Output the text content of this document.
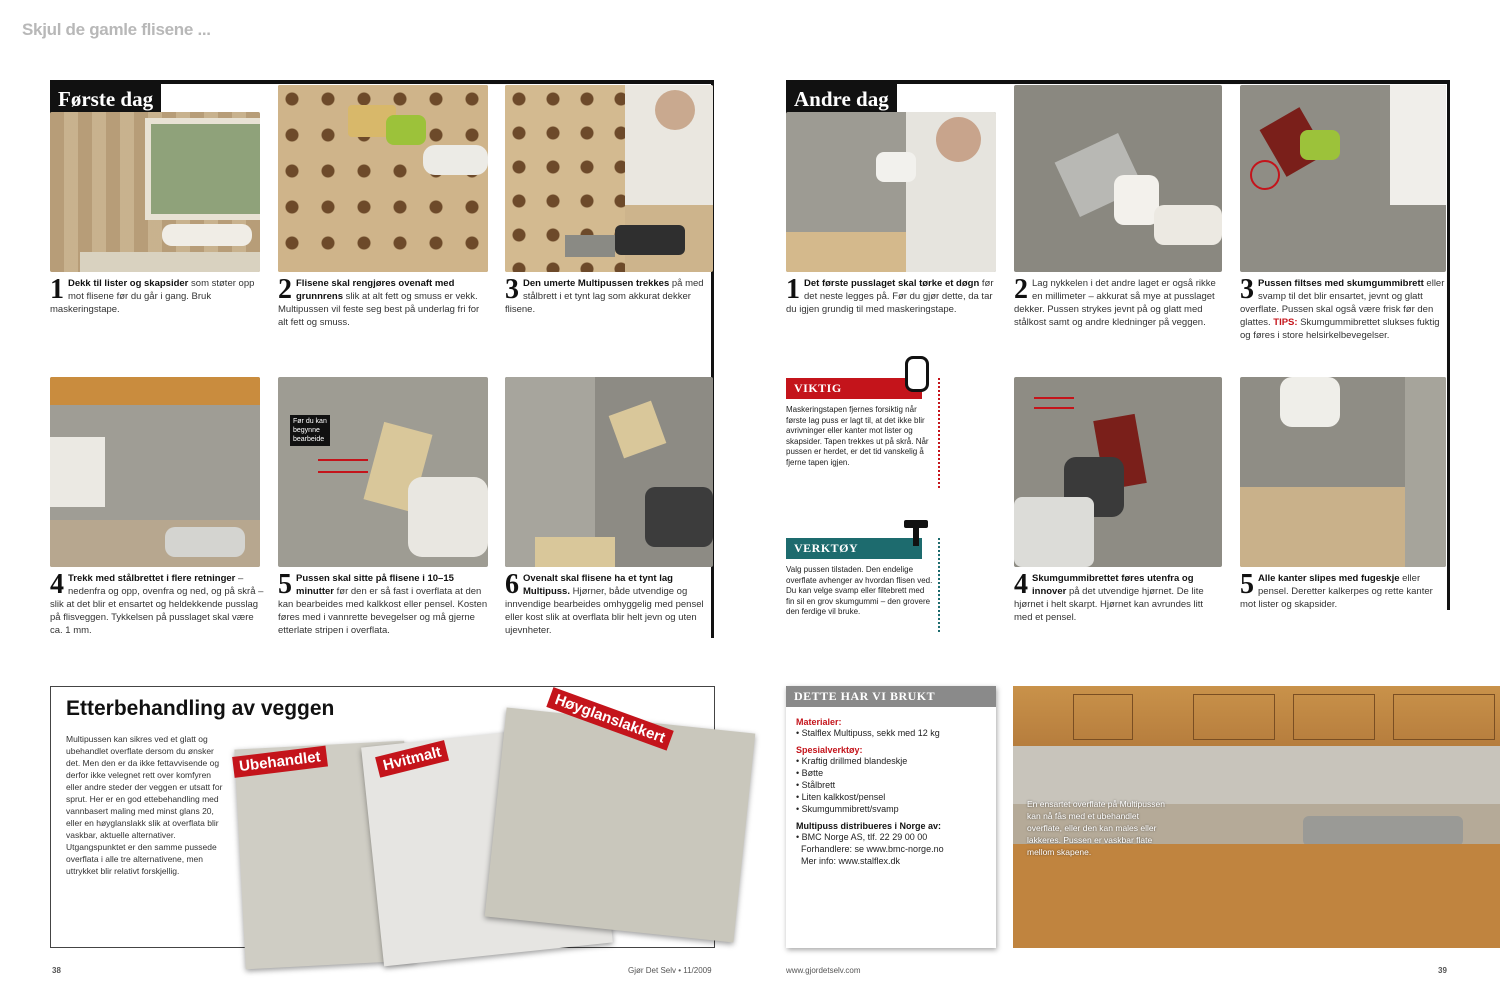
Skjul de gamle flisene ...
Første dag
1 Dekk til lister og skapsider som støter opp mot flisene før du går i gang. Bruk maskeringstape.
2 Flisene skal rengjøres ovenaft med grunnrens slik at alt fett og smuss er vekk. Multipussen vil feste seg best på underlag fri for alt fett og smuss.
3 Den umerte Multipussen trekkes på med stålbrett i et tynt lag som akkurat dekker flisene.
Før du kan
begynne
bearbeide
4 Trekk med stålbrettet i flere retninger – nedenfra og opp, ovenfra og ned, og på skrå – slik at det blir et ensartet og heldekkende pusslag på flisveggen. Tykkelsen på pusslaget skal være ca. 1 mm.
5 Pussen skal sitte på flisene i 10–15 minutter før den er så fast i overflata at den kan bearbeides med kalkkost eller pensel. Kosten føres med i vannrette bevegelser og må gjerne etterlate stripen i overflata.
6 Ovenalt skal flisene ha et tynt lag Multipuss. Hjørner, både utvendige og innvendige bearbeides omhyggelig med pensel eller kost slik at overflata blir helt jevn og uten ujevnheter.
Etterbehandling av veggen
Multipussen kan sikres ved et glatt og ubehandlet overflate dersom du ønsker det. Men den er da ikke fettavvisende og derfor ikke velegnet rett over komfyren eller andre steder der veggen er utsatt for sprut. Her er en god ettebehandling med vannbasert maling med minst glans 20, eller en høyglanslakk slik at overflata blir vaskbar, aktuelle alternativer. Utgangspunktet er den samme pussede overflata i alle tre alternativene, men uttrykket blir relativt forskjellig.
Ubehandlet	Hvitmalt
Høyglanslakkert
38	Gjør Det Selv • 11/2009
Andre dag
1 Det første pusslaget skal tørke et døgn før det neste legges på. Før du gjør dette, da tar du igjen grundig til med maskeringstape.
2 Lag nykkelen i det andre laget er også rikke en millimeter – akkurat så mye at pusslaget dekker. Pussen strykes jevnt på og glatt med stålkost samt og andre kledninger på veggen.
3 Pussen filtses med skumgummibrett eller svamp til det blir ensartet, jevnt og glatt overflate. Pussen skal også være frisk før den glattes. TIPS: Skumgummibrettet slukses fuktig og føres i store helsirkelbevegelser.
VIKTIG
Maskeringstapen fjernes forsiktig når første lag puss er lagt til, at det ikke blir avrivninger eller kanter mot lister og skapsider. Tapen trekkes ut på skrå. Når pussen er herdet, er det tid vanskelig å fjerne tapen igjen.
VERKTØY
Valg pussen tilstaden. Den endelige overflate avhenger av hvordan flisen ved. Du kan velge svamp eller filtebrett med fin sil en grov skumgummi – den grovere den ferdige vil bruke.
4 Skumgummibrettet føres utenfra og innover på det utvendige hjørnet. De lite hjørnet i helt skarpt. Hjørnet kan avrundes litt med et pensel.
5 Alle kanter slipes med fugeskje eller pensel. Deretter kalkerpes og rette kanter mot lister og skapsider.
DETTE HAR VI BRUKT
Materialer:
• Stalflex Multipuss, sekk med 12 kg
Spesialverktøy:
• Kraftig drillmed blandeskje
• Bøtte
• Stålbrett
• Liten kalkkost/pensel
• Skumgummibrett/svamp
Multipuss distribueres i Norge av:
• BMC Norge AS, tlf. 22 29 00 00
Forhandlere: se www.bmc-norge.no
Mer info: www.stalflex.dk
En ensartet overflate på Multipussen kan nå fås med et ubehandlet overflate, eller den kan males eller lakkeres. Pussen er vaskbar flate mellom skapene.
www.gjordetselv.com	39
